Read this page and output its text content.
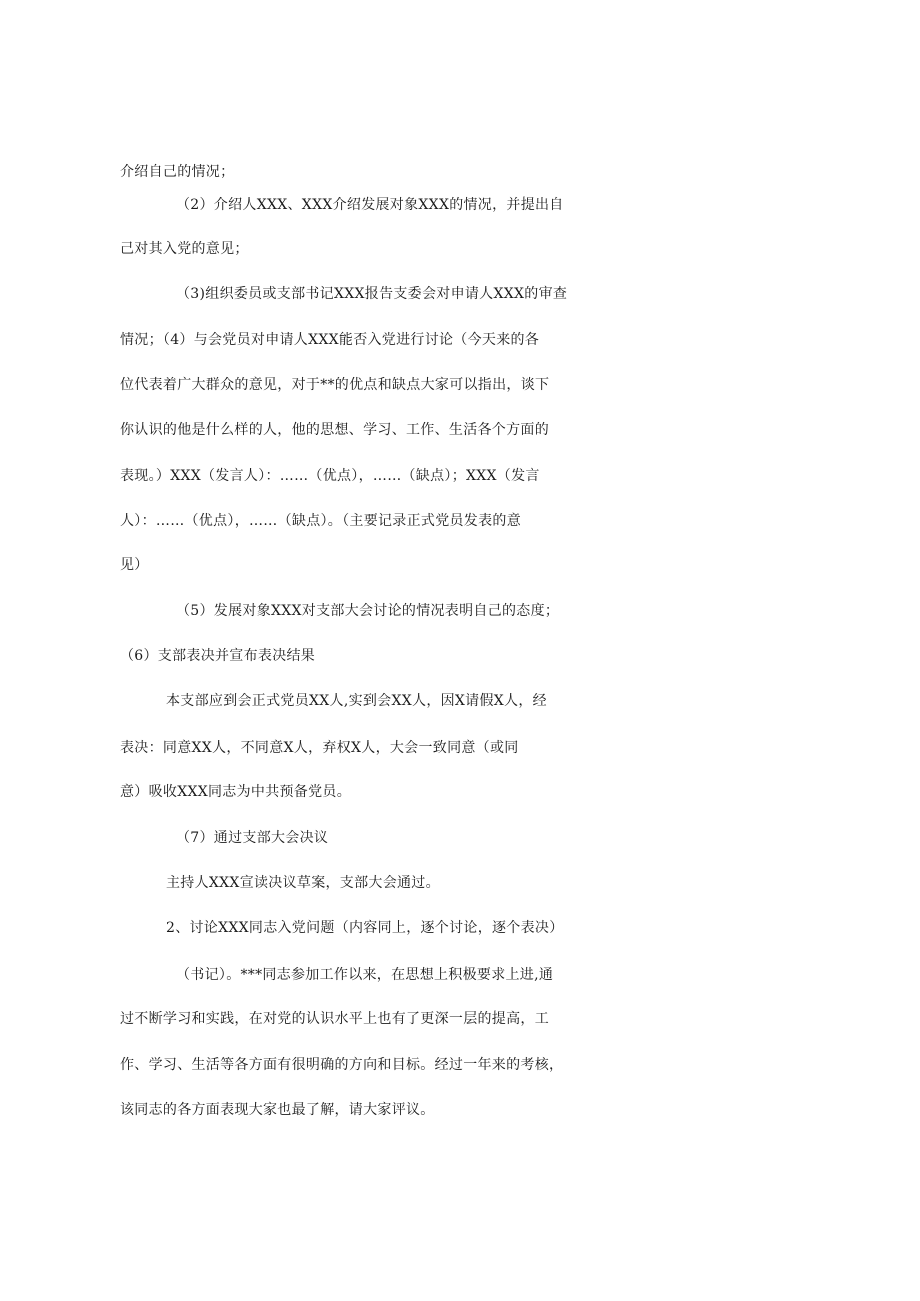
介绍自己的情况；
（2）介绍人XXX、XXX介绍发展对象XXX的情况，并提出自
己对其入党的意见；
（3)组织委员或支部书记XXX报告支委会对申请人XXX的审查
情况；（4）与会党员对申请人XXX能否入党进行讨论（今天来的各
位代表着广大群众的意见，对于**的优点和缺点大家可以指出，谈下
你认识的他是什么样的人，他的思想、学习、工作、生活各个方面的
表现。）XXX（发言人）：……（优点），……（缺点）；XXX（发言
人）：……（优点），……（缺点）。（主要记录正式党员发表的意
见）
（5）发展对象XXX对支部大会讨论的情况表明自己的态度；
（6）支部表决并宣布表决结果
本支部应到会正式党员XX人,实到会XX人，因X请假X人，经
表决：同意XX人，不同意X人，弃权X人，大会一致同意（或同
意）吸收XXX同志为中共预备党员。
（7）通过支部大会决议
主持人XXX宣读决议草案，支部大会通过。
2、讨论XXX同志入党问题（内容同上，逐个讨论，逐个表决）
（书记）。***同志参加工作以来，在思想上积极要求上进,通
过不断学习和实践，在对党的认识水平上也有了更深一层的提高，工
作、学习、生活等各方面有很明确的方向和目标。经过一年来的考核，
该同志的各方面表现大家也最了解，请大家评议。
